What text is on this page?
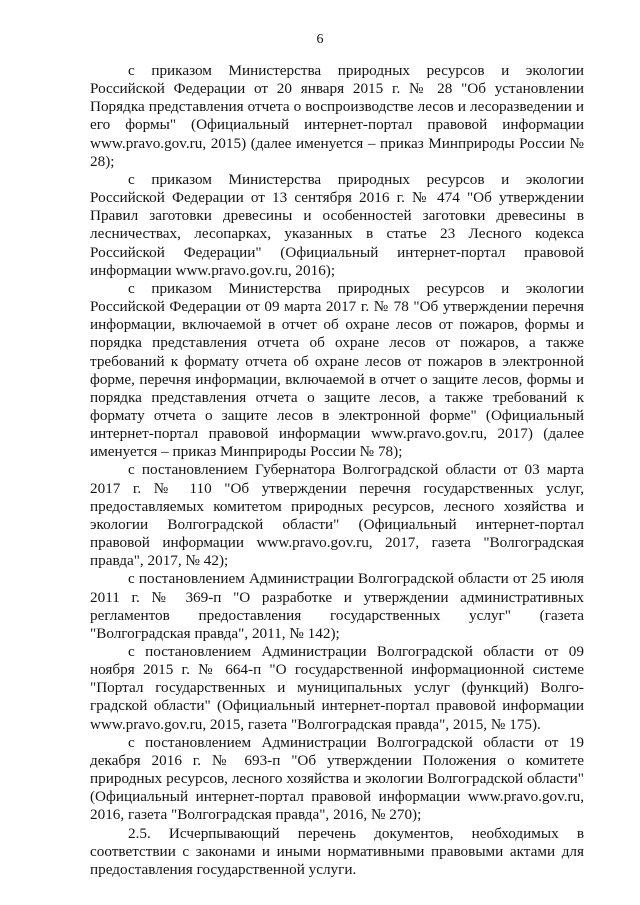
6

с приказом Министерства природных ресурсов и экологии Российской Федерации от 20 января 2015 г. № 28 "Об установлении Порядка представления отчета о воспроизводстве лесов и лесоразведении и его формы" (Официальный интернет-портал правовой информации www.pravo.gov.ru, 2015) (далее именуется – приказ Минприроды России № 28);

с приказом Министерства природных ресурсов и экологии Российской Федерации от 13 сентября 2016 г. № 474 "Об утверждении Правил заготовки древесины и особенностей заготовки древесины в лесничествах, лесопарках, указанных в статье 23 Лесного кодекса Российской Федерации" (Официальный интернет-портал правовой информации www.pravo.gov.ru, 2016);

с приказом Министерства природных ресурсов и экологии Российской Федерации от 09 марта 2017 г. № 78 "Об утверждении перечня информации, включаемой в отчет об охране лесов от пожаров, формы и порядка представления отчета об охране лесов от пожаров, а также требований к формату отчета об охране лесов от пожаров в электронной форме, перечня информации, включаемой в отчет о защите лесов, формы и порядка представления отчета о защите лесов, а также требований к формату отчета о защите лесов в электронной форме" (Официальный интернет-портал правовой информации www.pravo.gov.ru, 2017) (далее именуется – приказ Минприроды России № 78);

с постановлением Губернатора Волгоградской области от 03 марта 2017 г. № 110 "Об утверждении перечня государственных услуг, предоставляемых комитетом природных ресурсов, лесного хозяйства и экологии Волгоградской области" (Официальный интернет-портал правовой информации www.pravo.gov.ru, 2017, газета "Волгоградская правда", 2017, № 42);

с постановлением Администрации Волгоградской области от 25 июля 2011 г. № 369-п "О разработке и утверждении административных регламентов предоставления государственных услуг" (газета "Волгоградская правда", 2011, № 142);

с постановлением Администрации Волгоградской области от 09 ноября 2015 г. № 664-п "О государственной информационной системе "Портал государственных и муниципальных услуг (функций) Волго-градской области" (Официальный интернет-портал правовой информации www.pravo.gov.ru, 2015, газета "Волгоградская правда", 2015, № 175).

с постановлением Администрации Волгоградской области от 19 декабря 2016 г. № 693-п "Об утверждении Положения о комитете природных ресурсов, лесного хозяйства и экологии Волгоградской области" (Официальный интернет-портал правовой информации www.pravo.gov.ru, 2016, газета "Волгоградская правда", 2016, № 270);

2.5. Исчерпывающий перечень документов, необходимых в соответствии с законами и иными нормативными правовыми актами для предоставления государственной услуги.
